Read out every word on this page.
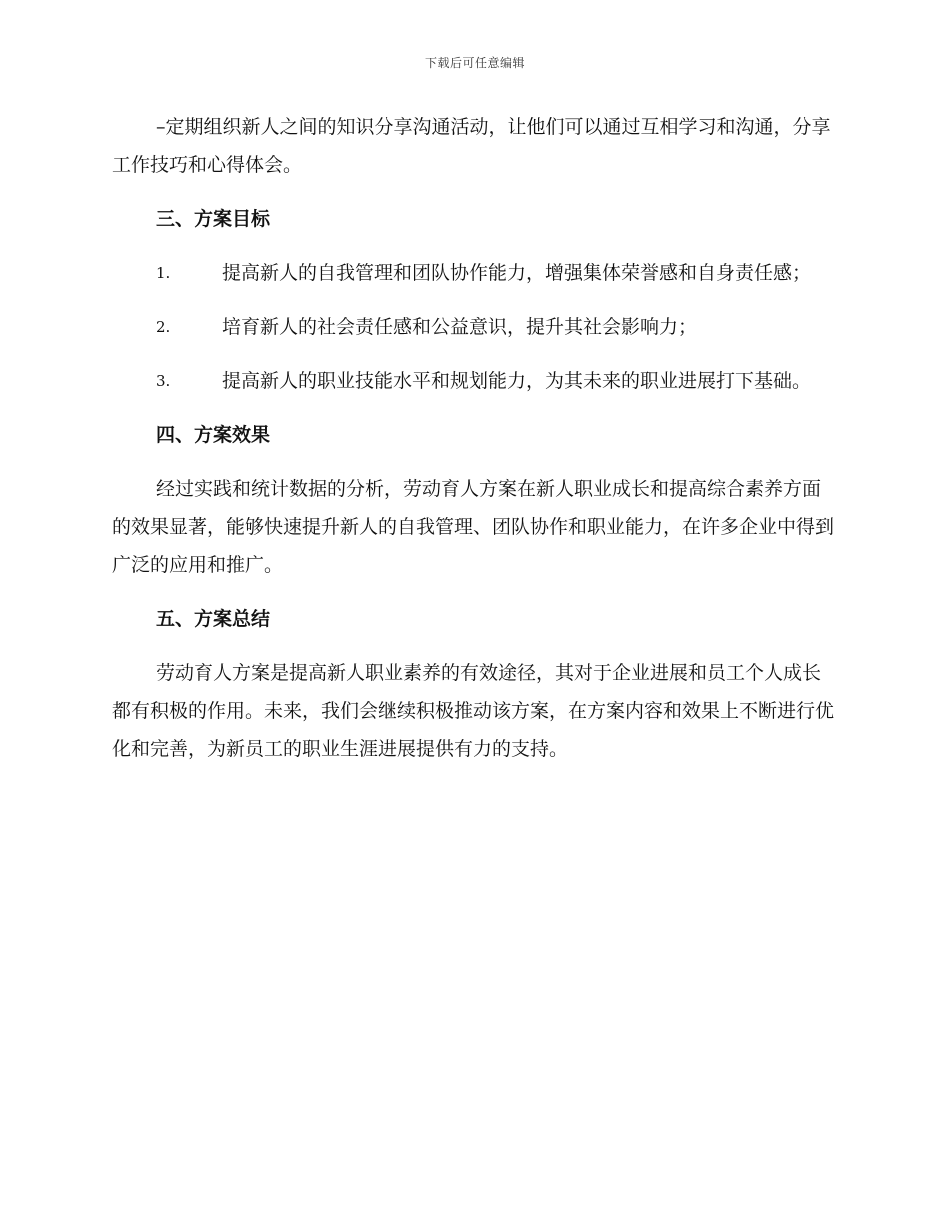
下载后可任意编辑

–定期组织新人之间的知识分享沟通活动，让他们可以通过互相学习和沟通，分享工作技巧和心得体会。

三、方案目标

1.	提高新人的自我管理和团队协作能力，增强集体荣誉感和自身责任感；

2.	培育新人的社会责任感和公益意识，提升其社会影响力；

3.	提高新人的职业技能水平和规划能力，为其未来的职业进展打下基础。

四、方案效果

经过实践和统计数据的分析，劳动育人方案在新人职业成长和提高综合素养方面的效果显著，能够快速提升新人的自我管理、团队协作和职业能力，在许多企业中得到广泛的应用和推广。

五、方案总结

劳动育人方案是提高新人职业素养的有效途径，其对于企业进展和员工个人成长都有积极的作用。未来，我们会继续积极推动该方案，在方案内容和效果上不断进行优化和完善，为新员工的职业生涯进展提供有力的支持。
